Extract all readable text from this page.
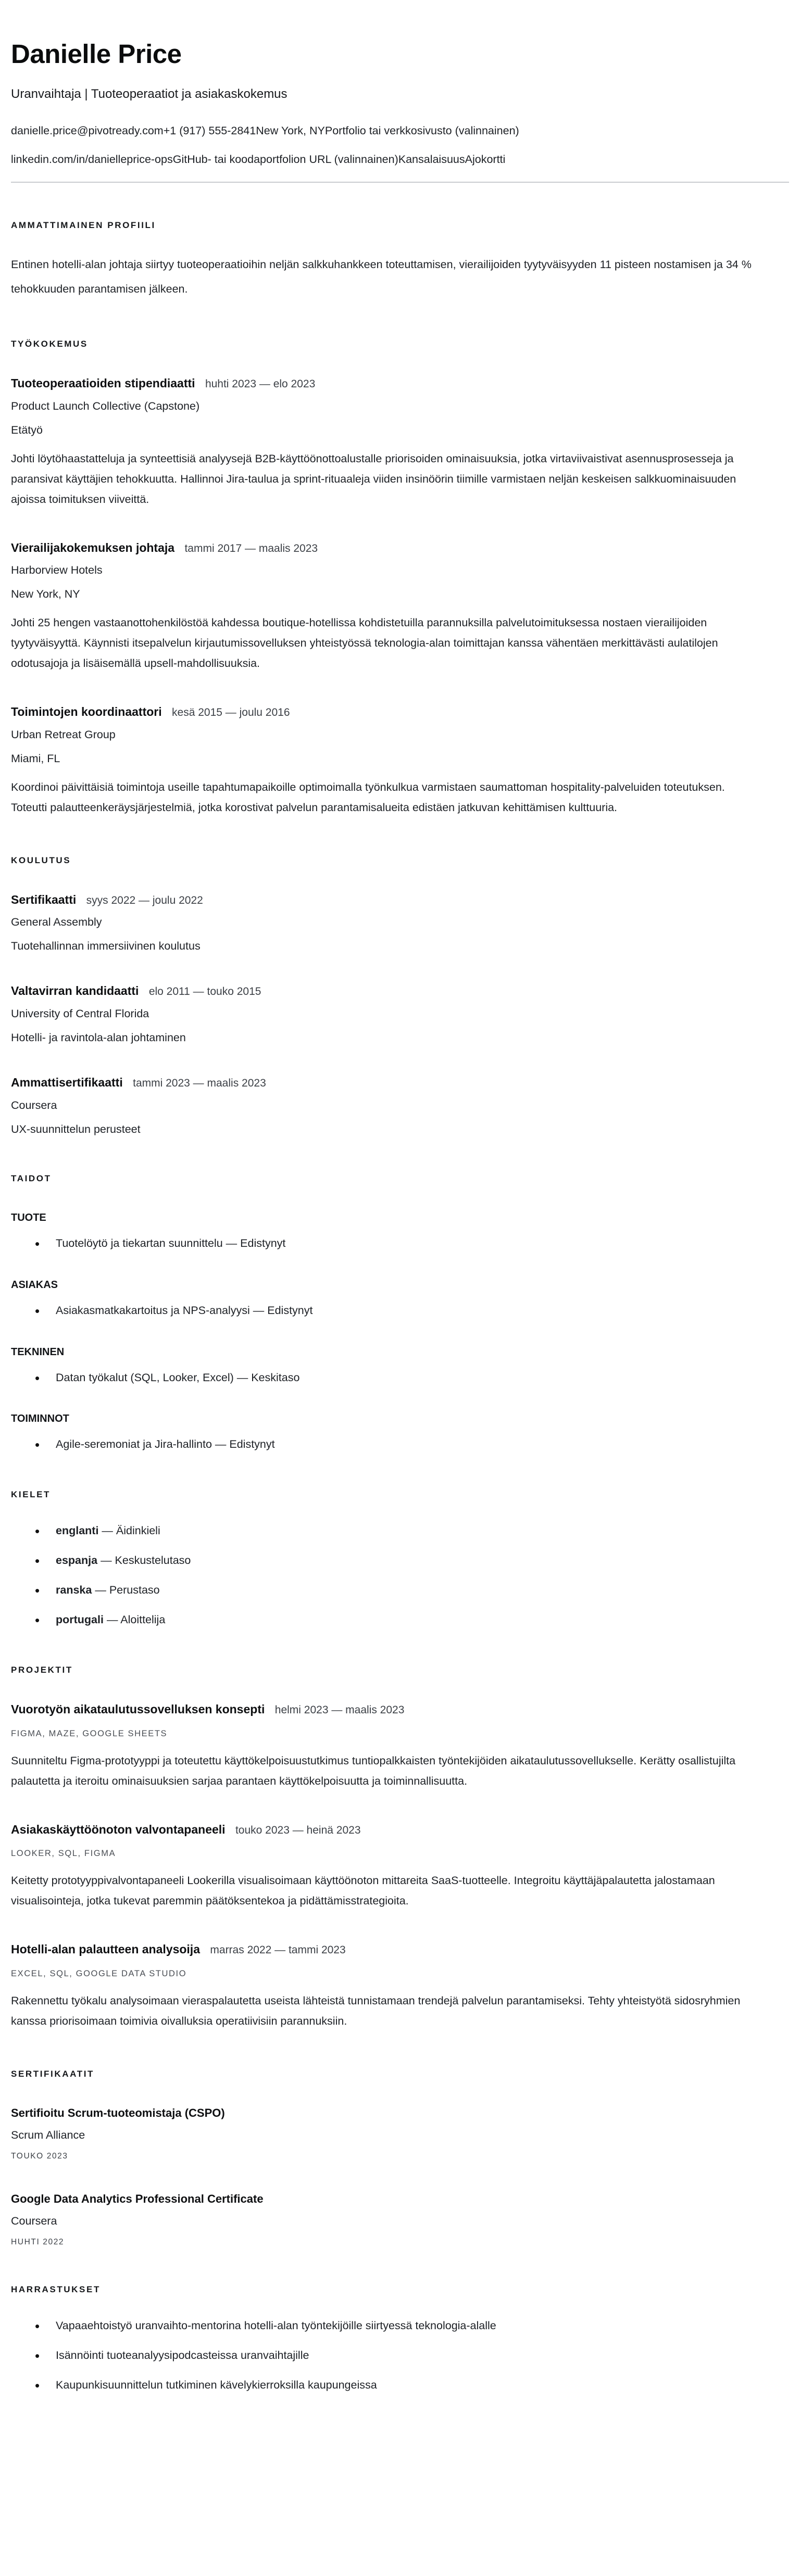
Danielle Price
Uranvaihtaja | Tuoteoperaatiot ja asiakaskokemus
danielle.price@pivotready.com+1 (917) 555-2841New York, NYPortfolio tai verkkosivusto (valinnainen)
linkedin.com/in/danielleprice-opsGitHub- tai koodaportfolion URL (valinnainen)KansalaisuusAjokortti
AMMATTIMAINEN PROFIILI

Entinen hotelli-alan johtaja siirtyy tuoteoperaatioihin neljän salkkuhankkeen toteuttamisen, vierailijoiden tyytyväisyyden 11 pisteen nostamisen ja 34 % tehokkuuden parantamisen jälkeen.

TYÖKOKEMUS
Tuoteoperaatioiden stipendiaatti huhti 2023 — elo 2023
Product Launch Collective (Capstone)
Etätyö

Johti löytöhaastatteluja ja synteettisiä analyysejä B2B-käyttöönottoalustalle priorisoiden ominaisuuksia, jotka virtaviivaistivat asennusprosesseja ja paransivat käyttäjien tehokkuutta. Hallinnoi Jira-taulua ja sprint-rituaaleja viiden insinöörin tiimille varmistaen neljän keskeisen salkkuominaisuuden ajoissa toimituksen viiveittä.

Vierailijakokemuksen johtaja tammi 2017 — maalis 2023
Harborview Hotels
New York, NY

Johti 25 hengen vastaanottohenkilöstöä kahdessa boutique-hotellissa kohdistetuilla parannuksilla palvelutoimituksessa nostaen vierailijoiden tyytyväisyyttä. Käynnisti itsepalvelun kirjautumissovelluksen yhteistyössä teknologia-alan toimittajan kanssa vähentäen merkittävästi aulatilojen odotusajoja ja lisäisemällä upsell-mahdollisuuksia.

Toimintojen koordinaattori kesä 2015 — joulu 2016
Urban Retreat Group
Miami, FL

Koordinoi päivittäisiä toimintoja useille tapahtumapaikoille optimoimalla työnkulkua varmistaen saumattoman hospitality-palveluiden toteutuksen. Toteutti palautteenkeräysjärjestelmiä, jotka korostivat palvelun parantamisalueita edistäen jatkuvan kehittämisen kulttuuria.

KOULUTUS
Sertifikaatti syys 2022 — joulu 2022
General Assembly
Tuotehallinnan immersiivinen koulutus
Valtavirran kandidaatti elo 2011 — touko 2015
University of Central Florida
Hotelli- ja ravintola-alan johtaminen
Ammattisertifikaatti tammi 2023 — maalis 2023
Coursera
UX-suunnittelun perusteet
TAIDOT
TUOTE
• Tuotelöytö ja tiekartan suunnittelu — Edistynyt
ASIAKAS
• Asiakasmatkakartoitus ja NPS-analyysi — Edistynyt
TEKNINEN
• Datan työkalut (SQL, Looker, Excel) — Keskitaso
TOIMINNOT
• Agile-seremoniat ja Jira-hallinto — Edistynyt
KIELET
• englanti — Äidinkieli
• espanja — Keskustelutaso
• ranska — Perustaso
• portugali — Aloittelija
PROJEKTIT
Vuorotyön aikataulutussovelluksen konsepti helmi 2023 — maalis 2023
FIGMA, MAZE, GOOGLE SHEETS

Suunniteltu Figma-prototyyppi ja toteutettu käyttökelpoisuustutkimus tuntiopalkkaisten työntekijöiden aikataulutussovellukselle. Kerätty osallistujilta palautetta ja iteroitu ominaisuuksien sarjaa parantaen käyttökelpoisuutta ja toiminnallisuutta.

Asiakaskäyttöönoton valvontapaneeli touko 2023 — heinä 2023
LOOKER, SQL, FIGMA

Keitetty prototyyppivalvontapaneeli Lookerilla visualisoimaan käyttöönoton mittareita SaaS-tuotteelle. Integroitu käyttäjäpalautetta jalostamaan visualisointeja, jotka tukevat paremmin päätöksentekoa ja pidättämisstrategioita.

Hotelli-alan palautteen analysoija marras 2022 — tammi 2023
EXCEL, SQL, GOOGLE DATA STUDIO

Rakennettu työkalu analysoimaan vieraspalautetta useista lähteistä tunnistamaan trendejä palvelun parantamiseksi. Tehty yhteistyötä sidosryhmien kanssa priorisoimaan toimivia oivalluksia operatiivisiin parannuksiin.

SERTIFIKAATIT
Sertifioitu Scrum-tuoteomistaja (CSPO)
Scrum Alliance
TOUKO 2023
Google Data Analytics Professional Certificate
Coursera
HUHTI 2022
HARRASTUKSET
• Vapaaehtoistyö uranvaihto-mentorina hotelli-alan työntekijöille siirtyessä teknologia-alalle
• Isännöinti tuoteanalyysipodcasteissa uranvaihtajille
• Kaupunkisuunnittelun tutkiminen kävelykierroksilla kaupungeissa
